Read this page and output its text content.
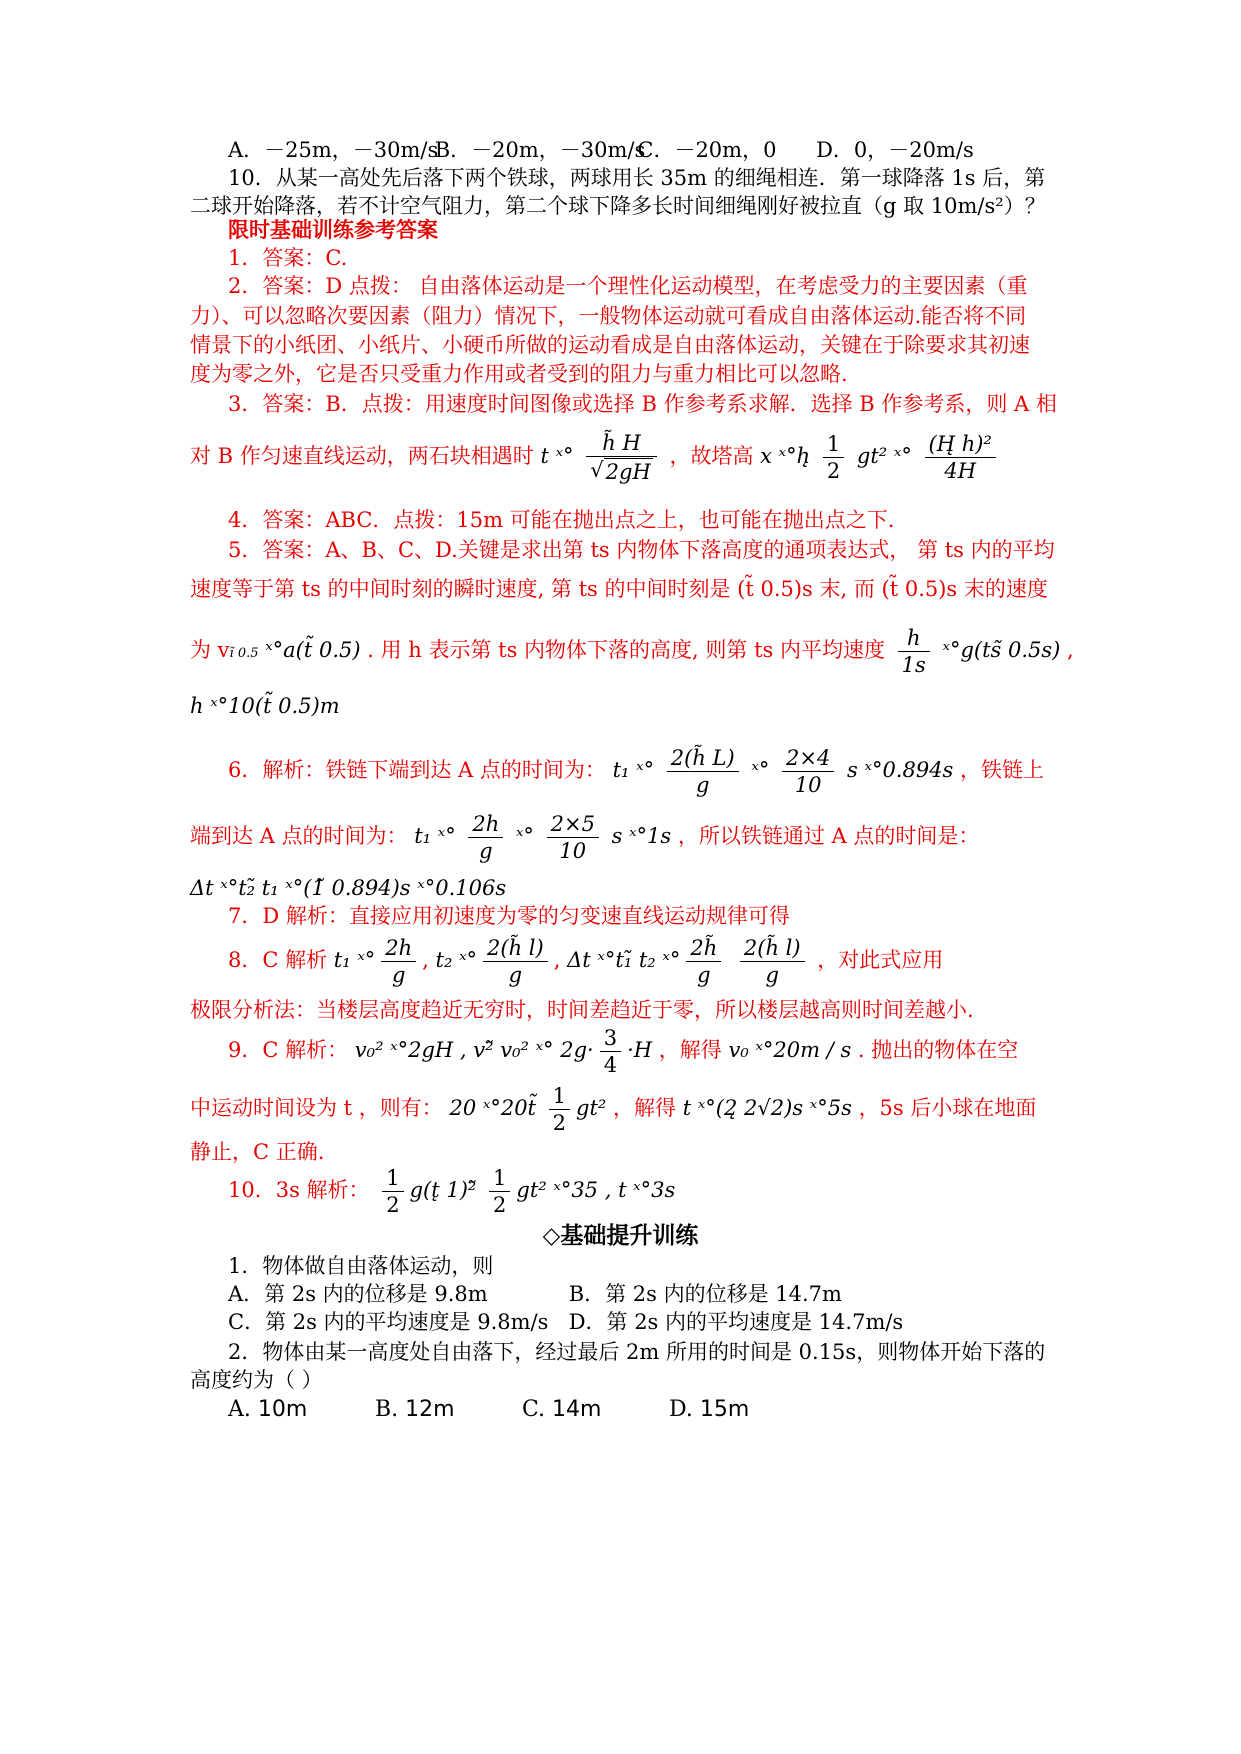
A．－25m，－30m/s B．－20m，－30m/s C．－20m，0 D．0，－20m/s
10．从某一高处先后落下两个铁球，两球用长 35m 的细绳相连．第一球降落 1s 后，第
二球开始降落，若不计空气阻力，第二个球下降多长时间细绳刚好被拉直（g 取 10m/s²）？
限时基础训练参考答案
1．答案：C.
2．答案：D 点拨： 自由落体运动是一个理性化运动模型，在考虑受力的主要因素（重
力）、可以忽略次要因素（阻力）情况下，一般物体运动就可看成自由落体运动.能否将不同
情景下的小纸团、小纸片、小硬币所做的运动看成是自由落体运动，关键在于除要求其初速
度为零之外，它是否只受重力作用或者受到的阻力与重力相比可以忽略.
3．答案：B．点拨：用速度时间图像或选择 B 作参考系求解．选择 B 作参考系，则 A 相
对 B 作匀速直线运动，两石块相遇时 t ˣ° $\frac{h̃ H}{√2gH}$ ，故塔高 x ˣ°h̨ $\frac{1}{2} gt^2$ ˣ° $\frac{\text{(H̨ h)²}}{4H}$
4．答案：ABC．点拨：15m 可能在抛出点之上，也可能在抛出点之下.
5．答案：A、B、C、D.关键是求出第 ts 内物体下落高度的通项表达式， 第 ts 内的平均
速度等于第 ts 的中间时刻的瞬时速度, 第 ts 的中间时刻是 (t̃ 0.5)s 末, 而 (t̃ 0.5)s 末的速度
为 vĩ 0.5 ˣ°a(t̃ 0.5) . 用 h 表示第 ts 内物体下落的高度, 则第 ts 内平均速度 $\frac{h}{1s}$ ˣ°g(ts̃ 0.5s) ,
h ˣ°10(t̃ 0.5)m
6．解析：铁链下端到达 A 点的时间为： t₁ ˣ° $\frac{2(h̃ L)}{g}$ ˣ° $\frac{2\times 4}{10}$ s ˣ°0.894s ，铁链上
端到达 A 点的时间为： t₁ ˣ° $\frac{2h}{g}$ ˣ° $\frac{2\times 5}{10}$ s ˣ°1s ，所以铁链通过 A 点的时间是：
Δt ˣ°t₂̃ t₁ ˣ°(1̃ 0.894)s ˣ°0.106s
7．D 解析：直接应用初速度为零的匀变速直线运动规律可得
8．C 解析 t₁ ˣ° $\frac{2h}{g}$ , t₂ ˣ° $\frac{2(h̃ l)}{g}$ , Δt ˣ°t₁̃ t₂ ˣ° $\frac{2h̃}{g}$
$\frac{2(h̃ l)}{g}$ ，对此式应用
极限分析法：当楼层高度趋近无穷时，时间差趋近于零，所以楼层越高则时间差越小.
9．C 解析： v₀² ˣ°2gH , v²̃ v₀² ˣ° $2g\cdot \frac{3}{4} \cdot H$ ，解得 v₀ ˣ°20m / s . 抛出的物体在空
中运动时间设为 t ，则有： 20 ˣ°20t̃ $\frac{1}{2} gt^2$ ，解得 t ˣ°(2̨ 2√2)s ˣ°5s ，5s 后小球在地面
静止，C 正确.
10．3s 解析： $\frac{1}{2}$ g(t̨ 1)²̃ $\frac{1}{2} gt^2$ ˣ°35 , t ˣ°3s
◇基础提升训练
1．物体做自由落体运动，则
A．第 2s 内的位移是 9.8m	B．第 2s 内的位移是 14.7m
C．第 2s 内的平均速度是 9.8m/s D．第 2s 内的平均速度是 14.7m/s
2．物体由某一高度处自由落下，经过最后 2m 所用的时间是 0.15s，则物体开始下落的
高度约为（ ）
A. 10m	B. 12m	C. 14m	D. 15m
